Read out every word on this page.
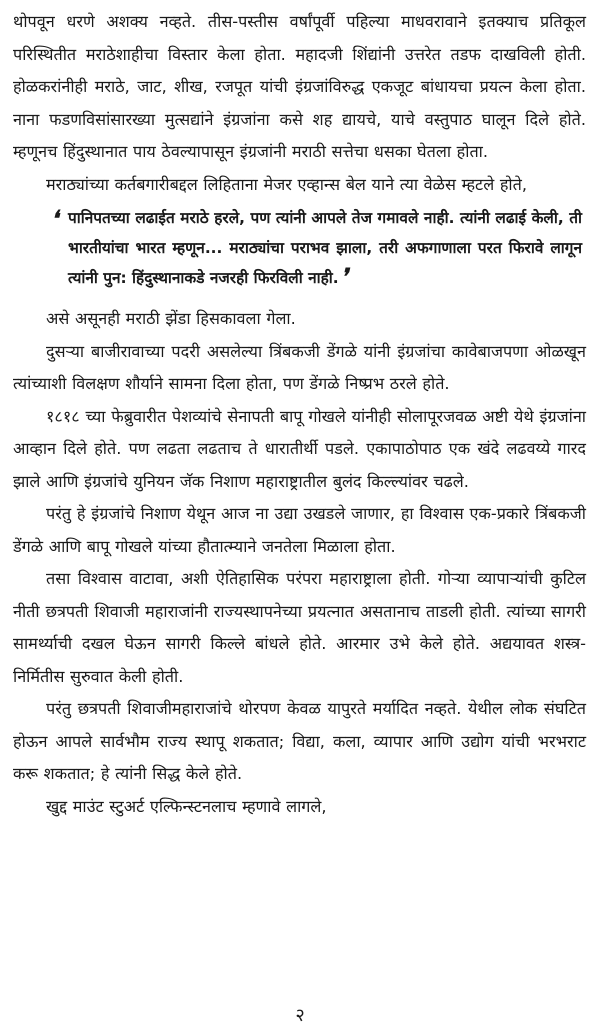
थोपवून धरणे अशक्य नव्हते. तीस-पस्तीस वर्षांपूर्वी पहिल्या माधवरावाने इतक्याच प्रतिकूल परिस्थितीत मराठेशाहीचा विस्तार केला होता. महादजी शिंद्यांनी उत्तरेत तडफ दाखविली होती. होळकरांनीही मराठे, जाट, शीख, रजपूत यांची इंग्रजांविरुद्ध एकजूट बांधायचा प्रयत्न केला होता. नाना फडणविसांसारख्या मुत्सद्यांने इंग्रजांना कसे शह द्यायचे, याचे वस्तुपाठ घालून दिले होते. म्हणूनच हिंदुस्थानात पाय ठेवल्यापासून इंग्रजांनी मराठी सत्तेचा धसका घेतला होता.

मराठ्यांच्या कर्तबगारीबद्दल लिहिताना मेजर एव्हान्स बेल याने त्या वेळेस म्हटले होते,

❛ पानिपतच्या लढाईत मराठे हरले, पण त्यांनी आपले तेज गमावले नाही. त्यांनी लढाई केली, ती भारतीयांचा भारत म्हणून... मराठ्यांचा पराभव झाला, तरी अफगाणाला परत फिरावे लागून त्यांनी पुन: हिंदुस्थानाकडे नजरही फिरविली नाही.❜

असे असूनही मराठी झेंडा हिसकावला गेला.

दुसऱ्या बाजीरावाच्या पदरी असलेल्या त्रिंबकजी डेंगळे यांनी इंग्रजांचा कावेबाजपणा ओळखून त्यांच्याशी विलक्षण शौर्याने सामना दिला होता, पण डेंगळे निष्प्रभ ठरले होते.

१८१८ च्या फेब्रुवारीत पेशव्यांचे सेनापती बापू गोखले यांनीही सोलापूरजवळ अष्टी येथे इंग्रजांना आव्हान दिले होते. पण लढता लढताच ते धारातीर्थी पडले. एकापाठोपाठ एक खंदे लढवय्ये गारद झाले आणि इंग्रजांचे युनियन जॅक निशाण महाराष्ट्रातील बुलंद किल्ल्यांवर चढले.

परंतु हे इंग्रजांचे निशाण येथून आज ना उद्या उखडले जाणार, हा विश्वास एक-प्रकारे त्रिंबकजी डेंगळे आणि बापू गोखले यांच्या हौतात्म्याने जनतेला मिळाला होता.

तसा विश्वास वाटावा, अशी ऐतिहासिक परंपरा महाराष्ट्राला होती. गोऱ्या व्यापाऱ्यांची कुटिल नीती छत्रपती शिवाजी महाराजांनी राज्यस्थापनेच्या प्रयत्नात असतानाच ताडली होती. त्यांच्या सागरी सामर्थ्याची दखल घेऊन सागरी किल्ले बांधले होते. आरमार उभे केले होते. अद्ययावत शस्त्र-निर्मितीस सुरुवात केली होती.

परंतु छत्रपती शिवाजीमहाराजांचे थोरपण केवळ यापुरते मर्यादित नव्हते. येथील लोक संघटित होऊन आपले सार्वभौम राज्य स्थापू शकतात; विद्या, कला, व्यापार आणि उद्योग यांची भरभराट करू शकतात; हे त्यांनी सिद्ध केले होते.

खुद्द माउंट स्टुअर्ट एल्फिन्स्टनलाच म्हणावे लागले,

२
